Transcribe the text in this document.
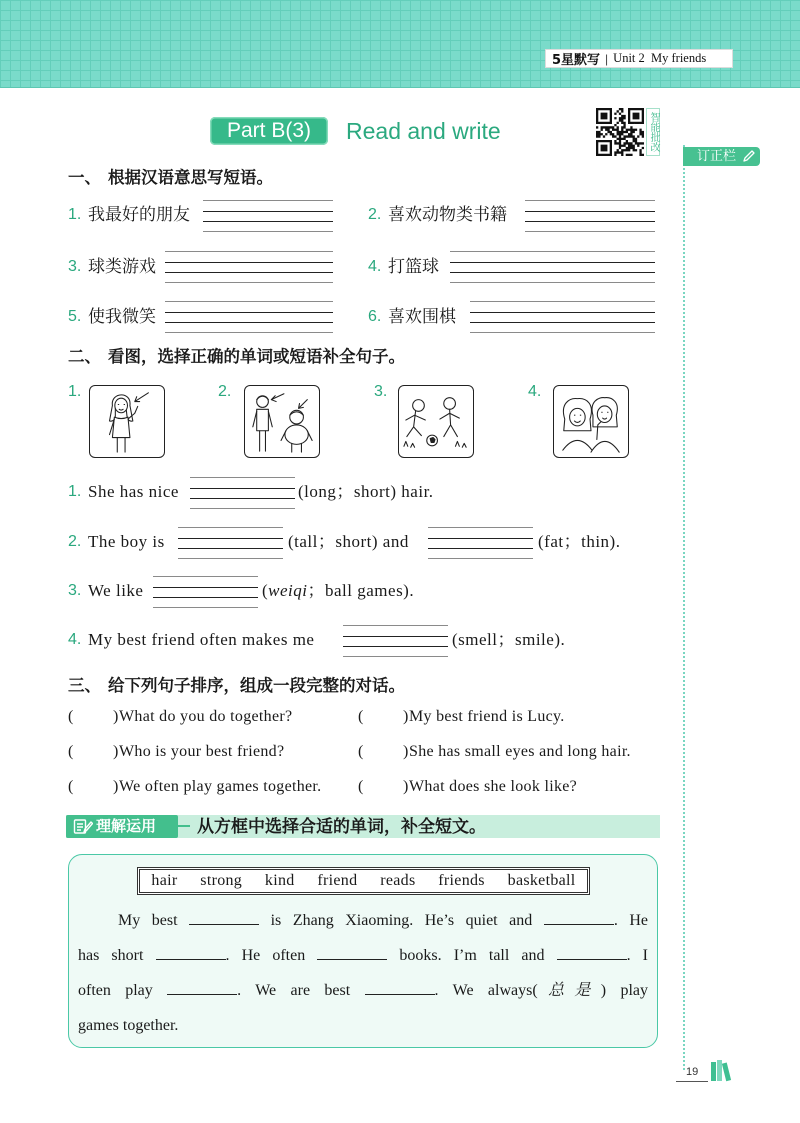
5星默写 | Unit 2  My friends
Part B(3)	Read and write	智能批改
订正栏
一、 根据汉语意思写短语。
1. 我最好的朋友	2. 喜欢动物类书籍
3. 球类游戏	4. 打篮球
5. 使我微笑	6. 喜欢围棋
二、 看图，选择正确的单词或短语补全句子。
1.	2.	3.	4.
1. She has nice	(long；short) hair.
2. The boy is	(tall；short) and	(fat；thin).
3. We like	(weiqi；ball games).
4. My best friend often makes me	(smell；smile).
三、 给下列句子排序，组成一段完整的对话。
( ) What do you do together?	( ) My best friend is Lucy.
( ) Who is your best friend?	( ) She has small eyes and long hair.
( ) We often play games together. ( ) What does she look like?
理解运用	从方框中选择合适的单词，补全短文。
hair strong kind friend reads friends basketball
My best	is Zhang Xiaoming. He’s quiet and	. He
has short	. He often	books. I’m tall and	. I
often play	. We are best	. We always(总是) play
games together.
19
